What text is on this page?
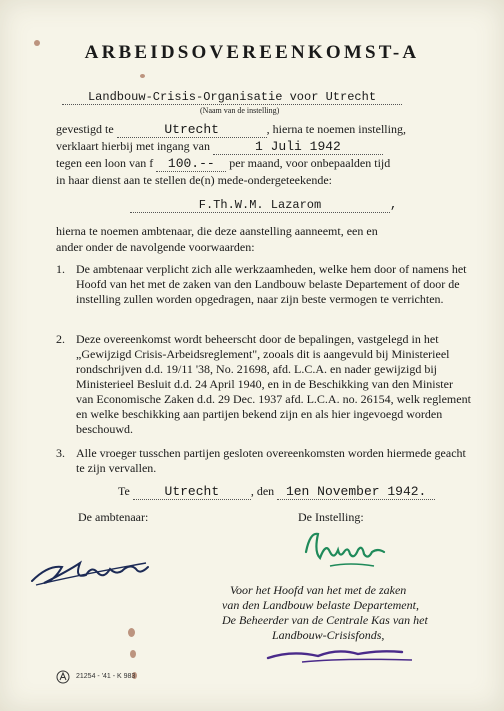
ARBEIDSOVEREENKOMST-A
Landbouw-Crisis-Organisatie voor Utrecht
(Naam van de instelling)
gevestigd te	Utrecht	, hierna te noemen instelling,
verklaart hierbij met ingang van	1 Juli 1942
tegen een loon van f 100.-- per maand, voor onbepaalden tijd
in haar dienst aan te stellen de(n) mede-ondergeteekende:
F.Th.W.M. Lazarom	,
hierna te noemen ambtenaar, die deze aanstelling aanneemt, een en
ander onder de navolgende voorwaarden:
1. De ambtenaar verplicht zich alle werkzaamheden, welke hem door of namens het Hoofd van het met de zaken van den Landbouw belaste Departement of door de instelling zullen worden opgedragen, naar zijn beste vermogen te verrichten.
2. Deze overeenkomst wordt beheerscht door de bepalingen, vastgelegd in het „Gewijzigd Crisis-Arbeidsreglement", zooals dit is aangevuld bij Ministerieel rondschrijven d.d. 19/11 '38, No. 21698, afd. L.C.A. en nader gewijzigd bij Ministerieel Besluit d.d. 24 April 1940, en in de Beschikking van den Minister van Economische Zaken d.d. 29 Dec. 1937 afd. L.C.A. no. 26154, welk reglement en welke beschikking aan partijen bekend zijn en als hier ingevoegd worden beschouwd.
3. Alle vroeger tusschen partijen gesloten overeenkomsten worden hiermede geacht te zijn vervallen.
Te	Utrecht	, den 1en November 1942.
De ambtenaar:	De Instelling:
Voor het Hoofd van het met de zaken
van den Landbouw belaste Departement,
De Beheerder van de Centrale Kas van het
Landbouw-Crisisfonds,
21254 - '41 - K 983
